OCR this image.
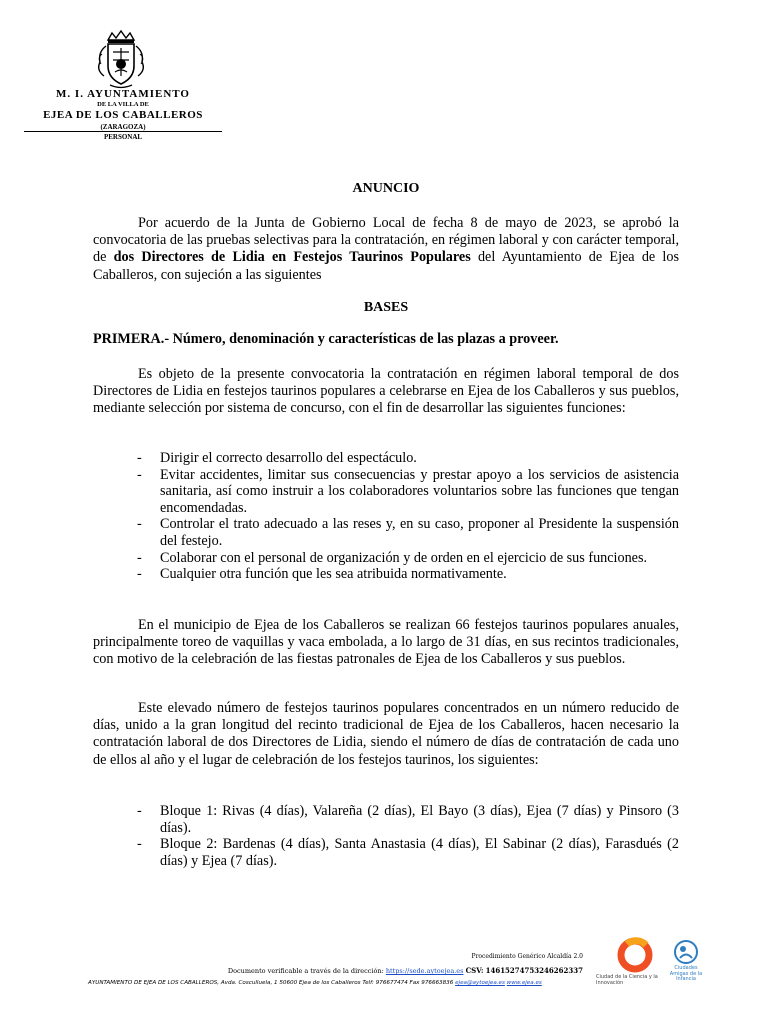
M. I. AYUNTAMIENTO
DE LA VILLA DE
EJEA DE LOS CABALLEROS
(ZARAGOZA)
PERSONAL
ANUNCIO

Por acuerdo de la Junta de Gobierno Local de fecha 8 de mayo de 2023, se aprobó la convocatoria de las pruebas selectivas para la contratación, en régimen laboral y con carácter temporal, de dos Directores de Lidia en Festejos Taurinos Populares del Ayuntamiento de Ejea de los Caballeros, con sujeción a las siguientes

BASES
PRIMERA.- Número, denominación y características de las plazas a proveer.

Es objeto de la presente convocatoria la contratación en régimen laboral temporal de dos Directores de Lidia en festejos taurinos populares a celebrarse en Ejea de los Caballeros y sus pueblos, mediante selección por sistema de concurso, con el fin de desarrollar las siguientes funciones:

- Dirigir el correcto desarrollo del espectáculo.
- Evitar accidentes, limitar sus consecuencias y prestar apoyo a los servicios de asistencia sanitaria, así como instruir a los colaboradores voluntarios sobre las funciones que tengan encomendadas.
- Controlar el trato adecuado a las reses y, en su caso, proponer al Presidente la suspensión del festejo.
- Colaborar con el personal de organización y de orden en el ejercicio de sus funciones.
- Cualquier otra función que les sea atribuida normativamente.

En el municipio de Ejea de los Caballeros se realizan 66 festejos taurinos populares anuales, principalmente toreo de vaquillas y vaca embolada, a lo largo de 31 días, en sus recintos tradicionales, con motivo de la celebración de las fiestas patronales de Ejea de los Caballeros y sus pueblos.

Este elevado número de festejos taurinos populares concentrados en un número reducido de días, unido a la gran longitud del recinto tradicional de Ejea de los Caballeros, hacen necesario la contratación laboral de dos Directores de Lidia, siendo el número de días de contratación de cada uno de ellos al año y el lugar de celebración de los festejos taurinos, los siguientes:

- Bloque 1: Rivas (4 días), Valareña (2 días), El Bayo (3 días), Ejea (7 días) y Pinsoro (3 días).
- Bloque 2: Bardenas (4 días), Santa Anastasia (4 días), El Sabinar (2 días), Farasdués (2 días) y Ejea (7 días).
Procedimiento Genérico Alcaldía 2.0
Documento verificable a través de la dirección: https://sede.aytoejea.es CSV: 14615274753246262337
AYUNTAMIENTO DE EJEA DE LOS CABALLEROS, Avda. Cosculluela, 1 50600 Ejea de los Caballeros Telf: 976677474 Fax 976663836 ejea@aytoejea.es www.ejea.es
Ciudad de la Ciencia y la Innovación
Ciudades Amigas de la Infancia
